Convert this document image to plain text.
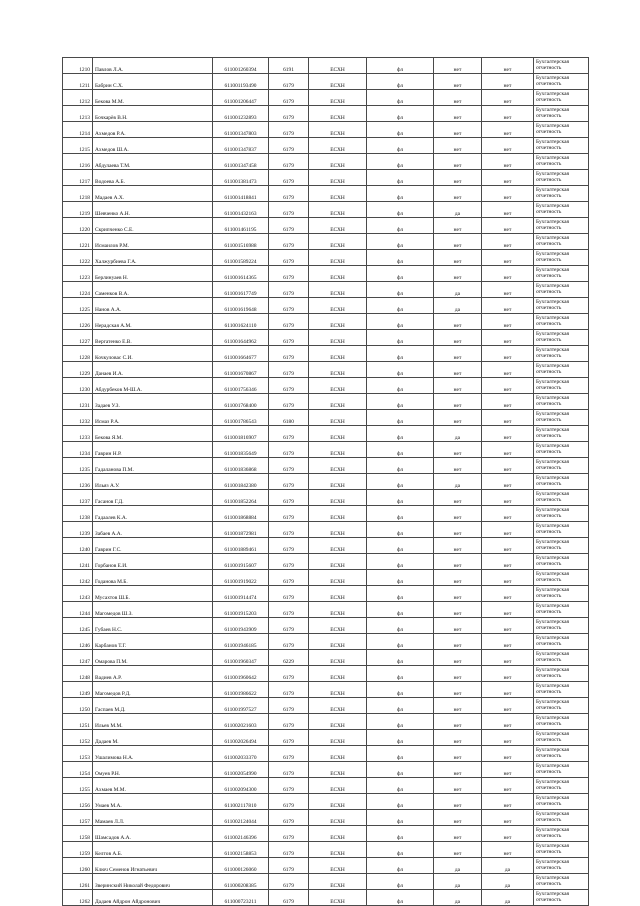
1210	Павлов Л.А.	611001260394	6191	ЕСХН	фл	нет	нет	Бухгалтерская
отчетность

1211	Бабрин С.Х.	611001193490	6179	ЕСХН	фл	нет	нет	Бухгалтерская
отчетность

1212	Бекова М.М.	611001206447	6179	ЕСХН	фл	нет	нет	Бухгалтерская
отчетность

1213	Бочкарёв В.Н.	611001232893	6179	ЕСХН	фл	нет	нет	Бухгалтерская
отчетность

1214	Ахмедов Р.А.	611001347803	6179	ЕСХН	фл	нет	нет	Бухгалтерская
отчетность

1215	Ахмедов Ш.А.	611001347837	6179	ЕСХН	фл	нет	нет	Бухгалтерская
отчетность

1216	Абдулаева Т.М.	611001347458	6179	ЕСХН	фл	нет	нет	Бухгалтерская
отчетность

1217	Водоева А.Б.	611001381473	6179	ЕСХН	фл	нет	нет	Бухгалтерская
отчетность

1218	Мадаев А.Х.	611001418841	6179	ЕСХН	фл	нет	нет	Бухгалтерская
отчетность

1219	Шевченко А.Н.	611001432163	6179	ЕСХН	фл	да	нет	Бухгалтерская
отчетность

1220	Скрипченко С.Е.	611001461195	6179	ЕСХН	фл	нет	нет	Бухгалтерская
отчетность

1221	Исмаилов Р.М.	611001516988	6179	ЕСХН	фл	нет	нет	Бухгалтерская
отчетность

1222	Халжурбиева Г.А.	611001589224	6179	ЕСХН	фл	нет	нет	Бухгалтерская
отчетность

1223	Берлинуаев Н.	611001614365	6179	ЕСХН	фл	нет	нет	Бухгалтерская
отчетность

1224	Саменков В.А.	611001617749	6179	ЕСХН	фл	да	нет	Бухгалтерская
отчетность

1225	Нанов А.А.	611001619648	6179	ЕСХН	фл	да	нет	Бухгалтерская
отчетность

1226	Нерадская А.М.	611001624110	6179	ЕСХН	фл	нет	нет	Бухгалтерская
отчетность

1227	Вергатенко Е.В.	611001644962	6179	ЕСХН	фл	нет	нет	Бухгалтерская
отчетность

1228	Кочкуловас С.И.	611001664677	6179	ЕСХН	фл	нет	нет	Бухгалтерская
отчетность

1229	Данаев И.А.	611001670867	6179	ЕСХН	фл	нет	нет	Бухгалтерская
отчетность

1230	Абдурбеков М-Ш.А.	611001756346	6179	ЕСХН	фл	нет	нет	Бухгалтерская
отчетность

1231	Задаев У.З.	611001768400	6179	ЕСХН	фл	нет	нет	Бухгалтерская
отчетность

1232	Исмаз Р.А.	611001786543	6180	ЕСХН	фл	нет	нет	Бухгалтерская
отчетность

1233	Бекова Я.М.	611001816907	6179	ЕСХН	фл	да	нет	Бухгалтерская
отчетность

1234	Гаврин Н.Р.	611001835649	6179	ЕСХН	фл	нет	нет	Бухгалтерская
отчетность

1235	Гадаланова П.М.	611001836868	6179	ЕСХН	фл	нет	нет	Бухгалтерская
отчетность

1236	Ильяз А.У.	611001842380	6179	ЕСХН	фл	да	нет	Бухгалтерская
отчетность

1237	Гасанов Г.Д.	611001852264	6179	ЕСХН	фл	нет	нет	Бухгалтерская
отчетность

1238	Гадаалев К.А.	611001868884	6179	ЕСХН	фл	нет	нет	Бухгалтерская
отчетность

1239	Забаев А.А.	611001872981	6179	ЕСХН	фл	нет	нет	Бухгалтерская
отчетность

1240	Гаврин Г.С.	611001889461	6179	ЕСХН	фл	нет	нет	Бухгалтерская
отчетность

1241	Горбанов Е.И.	611001915607	6179	ЕСХН	фл	нет	нет	Бухгалтерская
отчетность

1242	Годанова М.Б.	611001919022	6179	ЕСХН	фл	нет	нет	Бухгалтерская
отчетность

1243	Мусахтов Ш.Б.	611001914474	6179	ЕСХН	фл	нет	нет	Бухгалтерская
отчетность

1244	Магомедов Ш.З.	611001915203	6179	ЕСХН	фл	нет	нет	Бухгалтерская
отчетность

1245	Губаев Н.С.	611001943909	6179	ЕСХН	фл	нет	нет	Бухгалтерская
отчетность

1246	Карбанов Т.Г.	611001946185	6179	ЕСХН	фл	нет	нет	Бухгалтерская
отчетность

1247	Омарова П.М.	611001960347	6229	ЕСХН	фл	нет	нет	Бухгалтерская
отчетность

1248	Вадиев А.Р.	611001960642	6179	ЕСХН	фл	нет	нет	Бухгалтерская
отчетность

1249	Магомедов Р.Д.	611001986622	6179	ЕСХН	фл	нет	нет	Бухгалтерская
отчетность

1250	Гаспаев М.Д.	611001997527	6179	ЕСХН	фл	нет	нет	Бухгалтерская
отчетность

1251	Ильев М.М.	611002021603	6179	ЕСХН	фл	нет	нет	Бухгалтерская
отчетность

1252	Дадаев М.	611002026494	6179	ЕСХН	фл	нет	нет	Бухгалтерская
отчетность

1253	Ушалимова Н.А.	611002033370	6179	ЕСХН	фл	нет	нет	Бухгалтерская
отчетность

1254	Омуев Р.Н.	611002054990	6179	ЕСХН	фл	нет	нет	Бухгалтерская
отчетность

1255	Ахмаев М.М.	611002094300	6179	ЕСХН	фл	нет	нет	Бухгалтерская
отчетность

1256	Умаев М.А.	611002117810	6179	ЕСХН	фл	нет	нет	Бухгалтерская
отчетность

1257	Мамаев Л.Л.	611002124044	6179	ЕСХН	фл	нет	нет	Бухгалтерская
отчетность

1258	Шамсадов А.А.	611002146396	6179	ЕСХН	фл	нет	нет	Бухгалтерская
отчетность

1259	Келтов А.Б.	611002158853	6179	ЕСХН	фл	нет	нет	Бухгалтерская
отчетность

1260	Ключ Семенов Игнатьевич	611000126060	6179	ЕСХН	фл	да	да	Бухгалтерская
отчетность

1261	Зверинский Николай Федорович	611000208385	6179	ЕСХН	фл	да	да	Бухгалтерская
отчетность

1262	Дадаев Айдрон Айдронович	611000723211	6179	ЕСХН	фл	да	да	Бухгалтерская
отчетность
